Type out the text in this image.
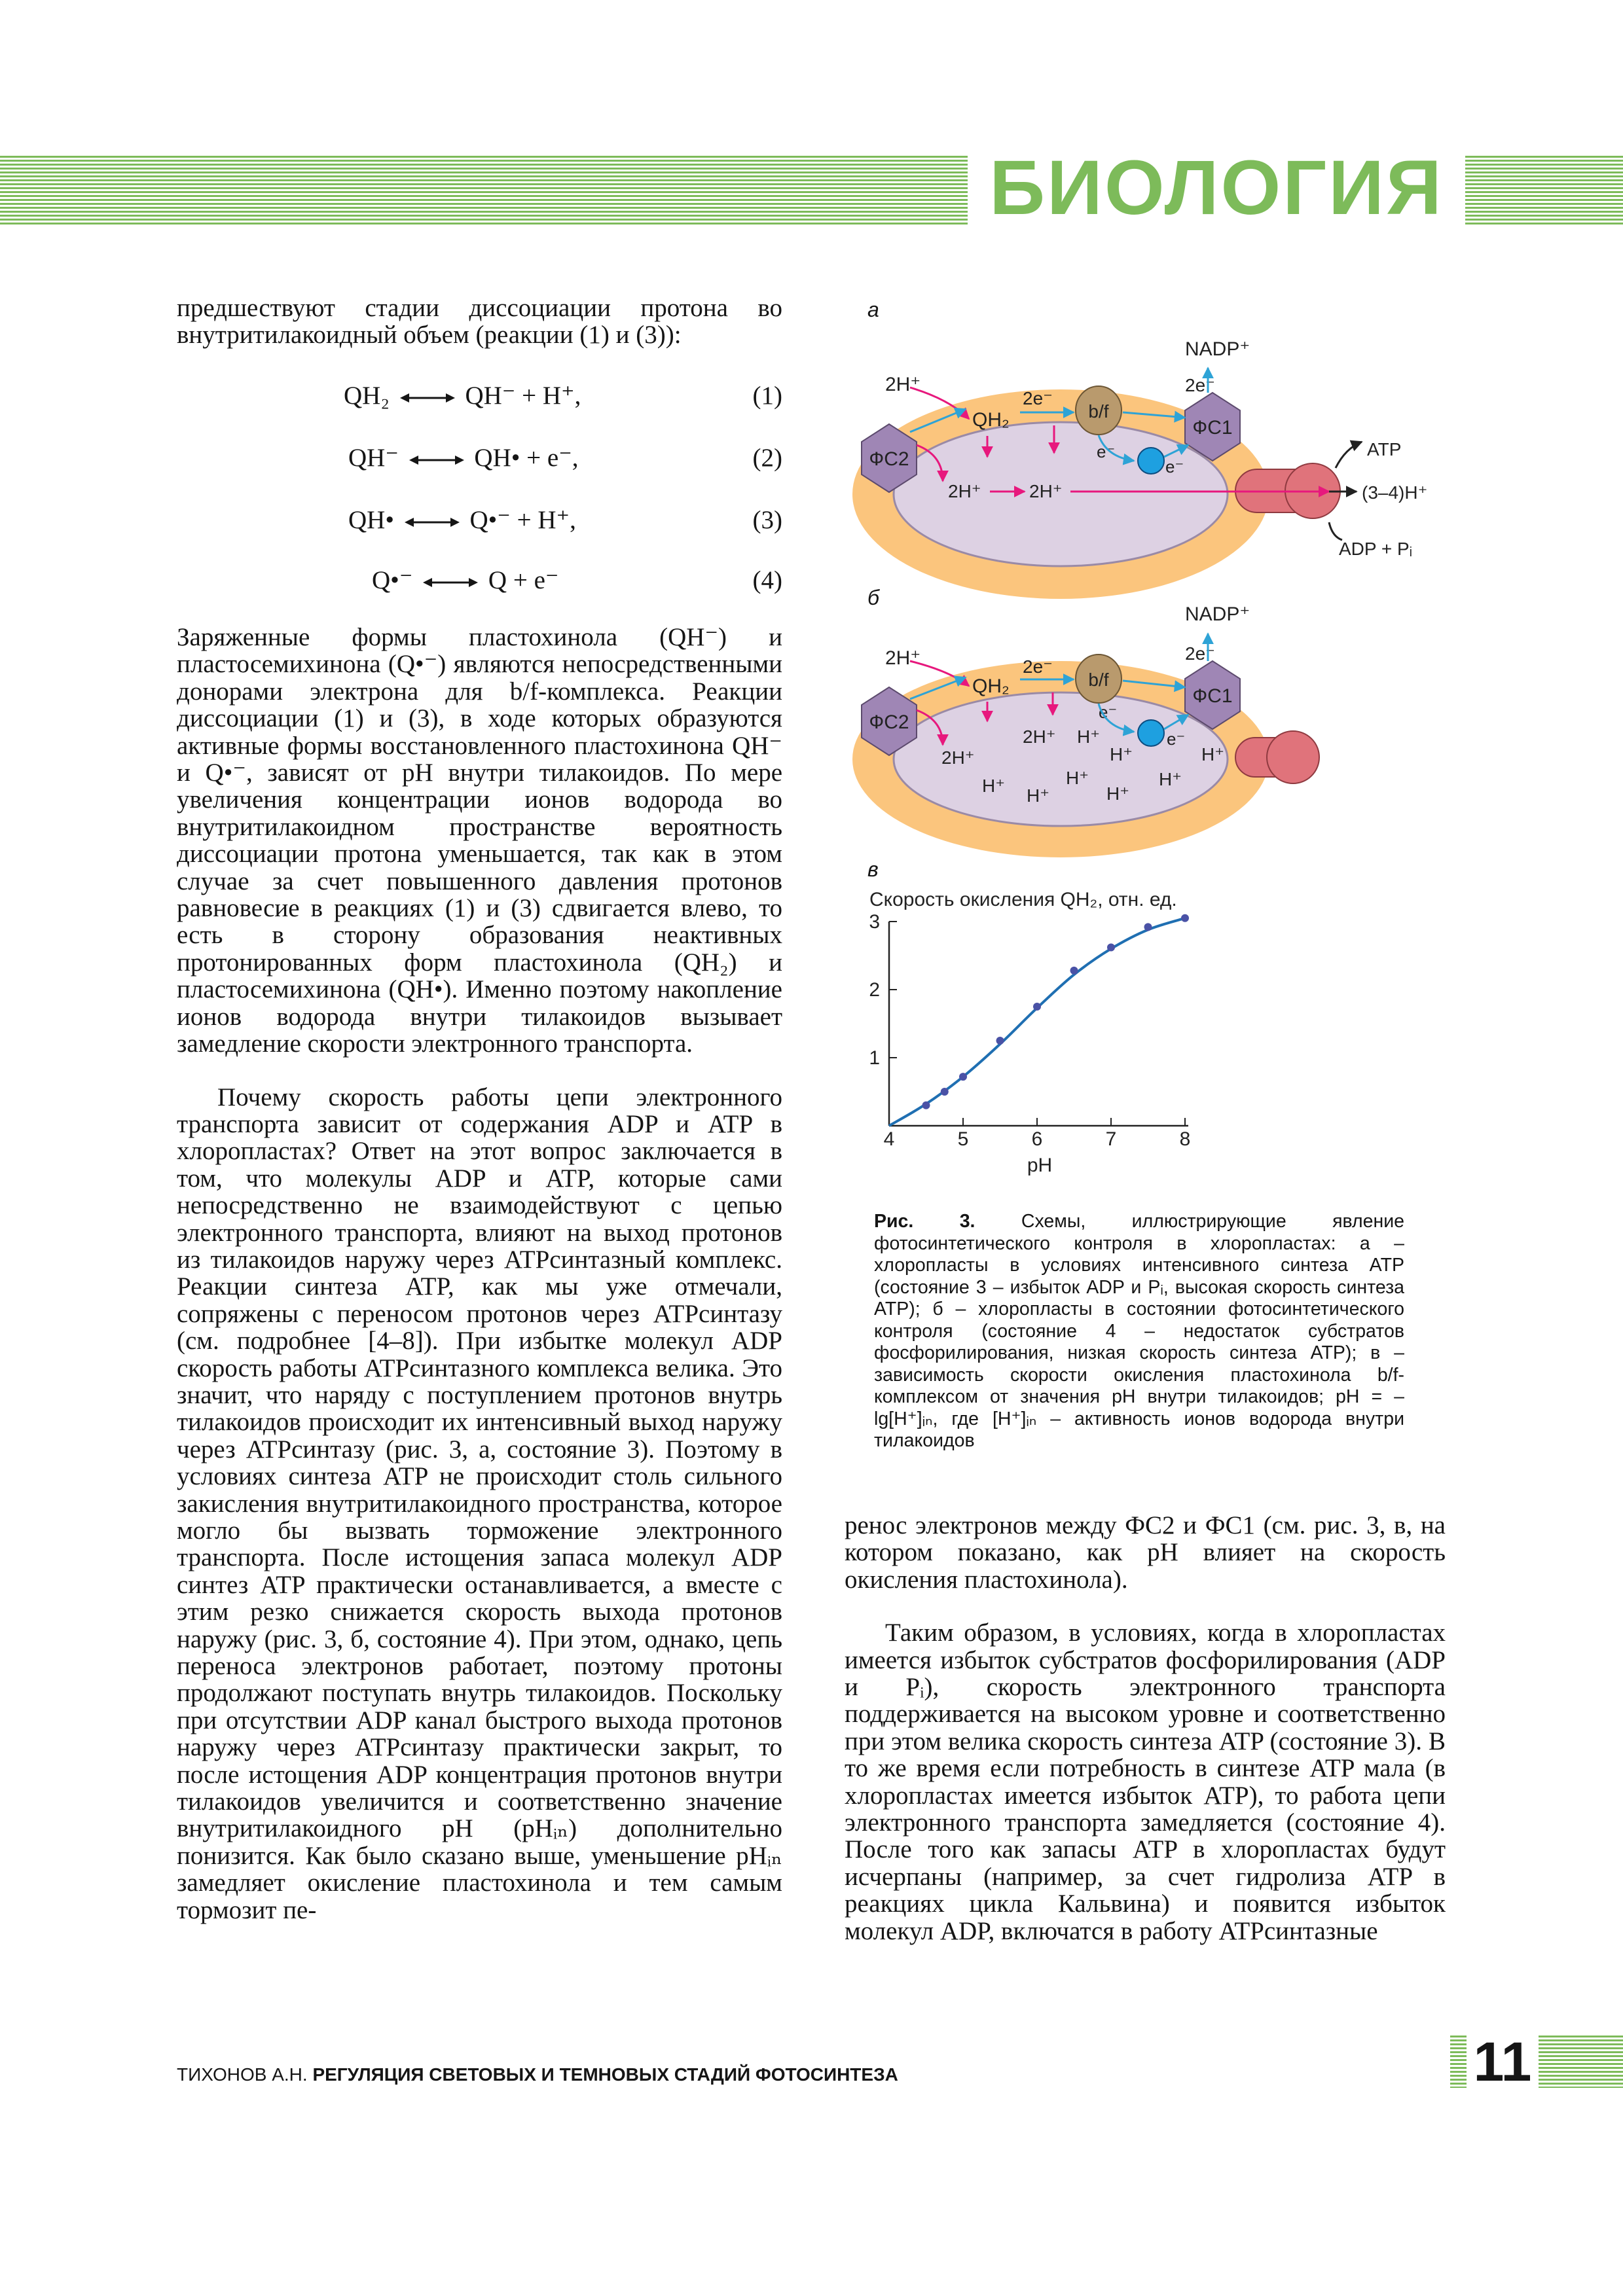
БИОЛОГИЯ

предшествуют стадии диссоциации протона во внутритилакоидный объем (реакции (1) и (3)):

QH₂	QH⁻ + H⁺,	(1)
QH⁻	QH• + e⁻,	(2)
QH•	Q•⁻ + H⁺,	(3)
Q•⁻	Q + e⁻	(4)

Заряженные формы пластохинола (QH⁻) и пластосемихинона (Q•⁻) являются непосредственными донорами электрона для b/f-комплекса. Реакции диссоциации (1) и (3), в ходе которых образуются активные формы восстановленного пластохинона QH⁻ и Q•⁻, зависят от pH внутри тилакоидов. По мере увеличения концентрации ионов водорода во внутритилакоидном пространстве вероятность диссоциации протона уменьшается, так как в этом случае за счет повышенного давления протонов равновесие в реакциях (1) и (3) сдвигается влево, то есть в сторону образования неактивных протонированных форм пластохинола (QH₂) и пластосемихинона (QH•). Именно поэтому накопление ионов водорода внутри тилакоидов вызывает замедление скорости электронного транспорта.

Почему скорость работы цепи электронного транспорта зависит от содержания ADP и ATP в хлоропластах? Ответ на этот вопрос заключается в том, что молекулы ADP и ATP, которые сами непосредственно не взаимодействуют с цепью электронного транспорта, влияют на выход протонов из тилакоидов наружу через ATPсинтазный комплекс. Реакции синтеза ATP, как мы уже отмечали, сопряжены с переносом протонов через ATPсинтазу (см. подробнее [4–8]). При избытке молекул ADP скорость работы ATPсинтазного комплекса велика. Это значит, что наряду с поступлением протонов внутрь тилакоидов происходит их интенсивный выход наружу через ATPсинтазу (рис. 3, а, состояние 3). Поэтому в условиях синтеза ATP не происходит столь сильного закисления внутритилакоидного пространства, которое могло бы вызвать торможение электронного транспорта. После истощения запаса молекул ADP синтез ATP практически останавливается, а вместе с этим резко снижается скорость выхода протонов наружу (рис. 3, б, состояние 4). При этом, однако, цепь переноса электронов работает, поэтому протоны продолжают поступать внутрь тилакоидов. Поскольку при отсутствии ADP канал быстрого выхода протонов наружу через ATPсинтазу практически закрыт, то после истощения ADP концентрация протонов внутри тилакоидов увеличится и соответственно значение внутритилакоидного pH (pHᵢₙ) дополнительно понизится. Как было сказано выше, уменьшение pHᵢₙ замедляет окисление пластохинола и тем самым тормозит пе-

а
б
в
ФС2
ФС1
b/f
2H⁺
QH₂
2e⁻
NADP⁺
2e⁻
e⁻
e⁻
2H⁺	2H⁺
ATP
(3–4)H⁺
ADP + Pᵢ
ФС2
ФС1
b/f
2H⁺
QH₂
2e⁻
NADP⁺
2e⁻
e⁻
e⁻
2H⁺
2H⁺ H⁺
H⁺	H⁺
H⁺	H⁺	H⁺
H⁺	H⁺
Скорость окисления QH₂, отн. ед.
4	5	6	7	8
1
2
3
pH
Рис. 3. Схемы, иллюстрирующие явление фотосинтетического контроля в хлоропластах: а – хлоропласты в условиях интенсивного синтеза ATP (состояние 3 – избыток ADP и Pᵢ, высокая скорость синтеза ATP); б – хлоропласты в состоянии фотосинтетического контроля (состояние 4 – недостаток субстратов фосфорилирования, низкая скорость синтеза ATP); в – зависимость скорости окисления пластохинола b/f-комплексом от значения pH внутри тилакоидов; pH = –lg[H⁺]ᵢₙ, где [H⁺]ᵢₙ – активность ионов водорода внутри тилакоидов

ренос электронов между ФС2 и ФС1 (см. рис. 3, в, на котором показано, как pH влияет на скорость окисления пластохинола).

Таким образом, в условиях, когда в хлоропластах имеется избыток субстратов фосфорилирования (ADP и Pᵢ), скорость электронного транспорта поддерживается на высоком уровне и соответственно при этом велика скорость синтеза ATP (состояние 3). В то же время если потребность в синтезе ATP мала (в хлоропластах имеется избыток ATP), то работа цепи электронного транспорта замедляется (состояние 4). После того как запасы ATP в хлоропластах будут исчерпаны (например, за счет гидролиза ATP в реакциях цикла Кальвина) и появится избыток молекул ADP, включатся в работу ATPсинтазные

ТИХОНОВ А.Н. РЕГУЛЯЦИЯ СВЕТОВЫХ И ТЕМНОВЫХ СТАДИЙ ФОТОСИНТЕЗА	11
